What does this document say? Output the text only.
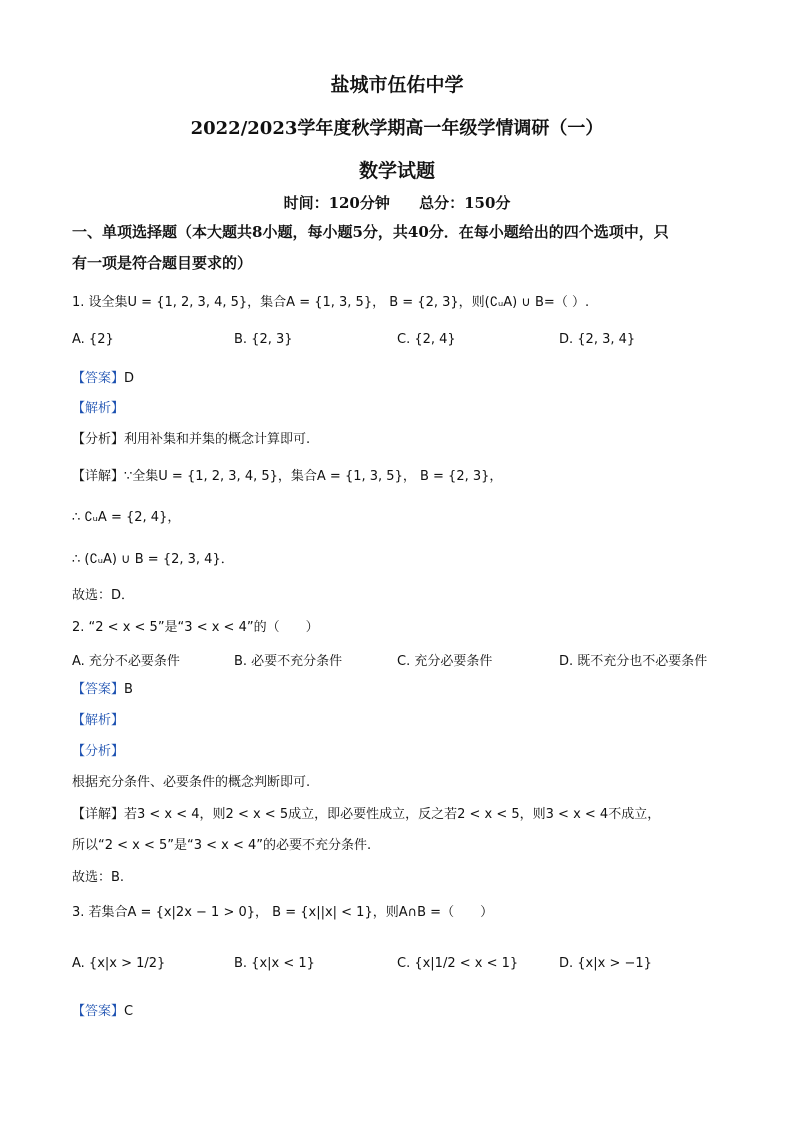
盐城市伍佑中学
2022/2023学年度秋学期高一年级学情调研（一）
数学试题
时间：120分钟 总分：150分
一、单项选择题（本大题共8小题，每小题5分，共40分．在每小题给出的四个选项中，只
有一项是符合题目要求的）
1. 设全集U = {1, 2, 3, 4, 5}，集合A = {1, 3, 5}， B = {2, 3}，则(∁ᵤA) ∪ B=（ ）.
A. {2}	B. {2, 3}	C. {2, 4}	D. {2, 3, 4}
【答案】D
【解析】
【分析】利用补集和并集的概念计算即可.
【详解】∵全集U = {1, 2, 3, 4, 5}，集合A = {1, 3, 5}， B = {2, 3}，
∴ ∁ᵤA = {2, 4}，
∴ (∁ᵤA) ∪ B = {2, 3, 4}．
故选：D．
2. “2 < x < 5”是“3 < x < 4”的（　　）
A. 充分不必要条件	B. 必要不充分条件	C. 充分必要条件	D. 既不充分也不必要条件
【答案】B
【解析】
【分析】
根据充分条件、必要条件的概念判断即可.
【详解】若3 < x < 4，则2 < x < 5成立，即必要性成立，反之若2 < x < 5，则3 < x < 4不成立，
所以“2 < x < 5”是“3 < x < 4”的必要不充分条件.
故选：B.
3. 若集合A = {x|2x − 1 > 0}， B = {x||x| < 1}，则A∩B =（　　）
A. {x|x > 1/2}	B. {x|x < 1}	C. {x|1/2 < x < 1}	D. {x|x > −1}
【答案】C
